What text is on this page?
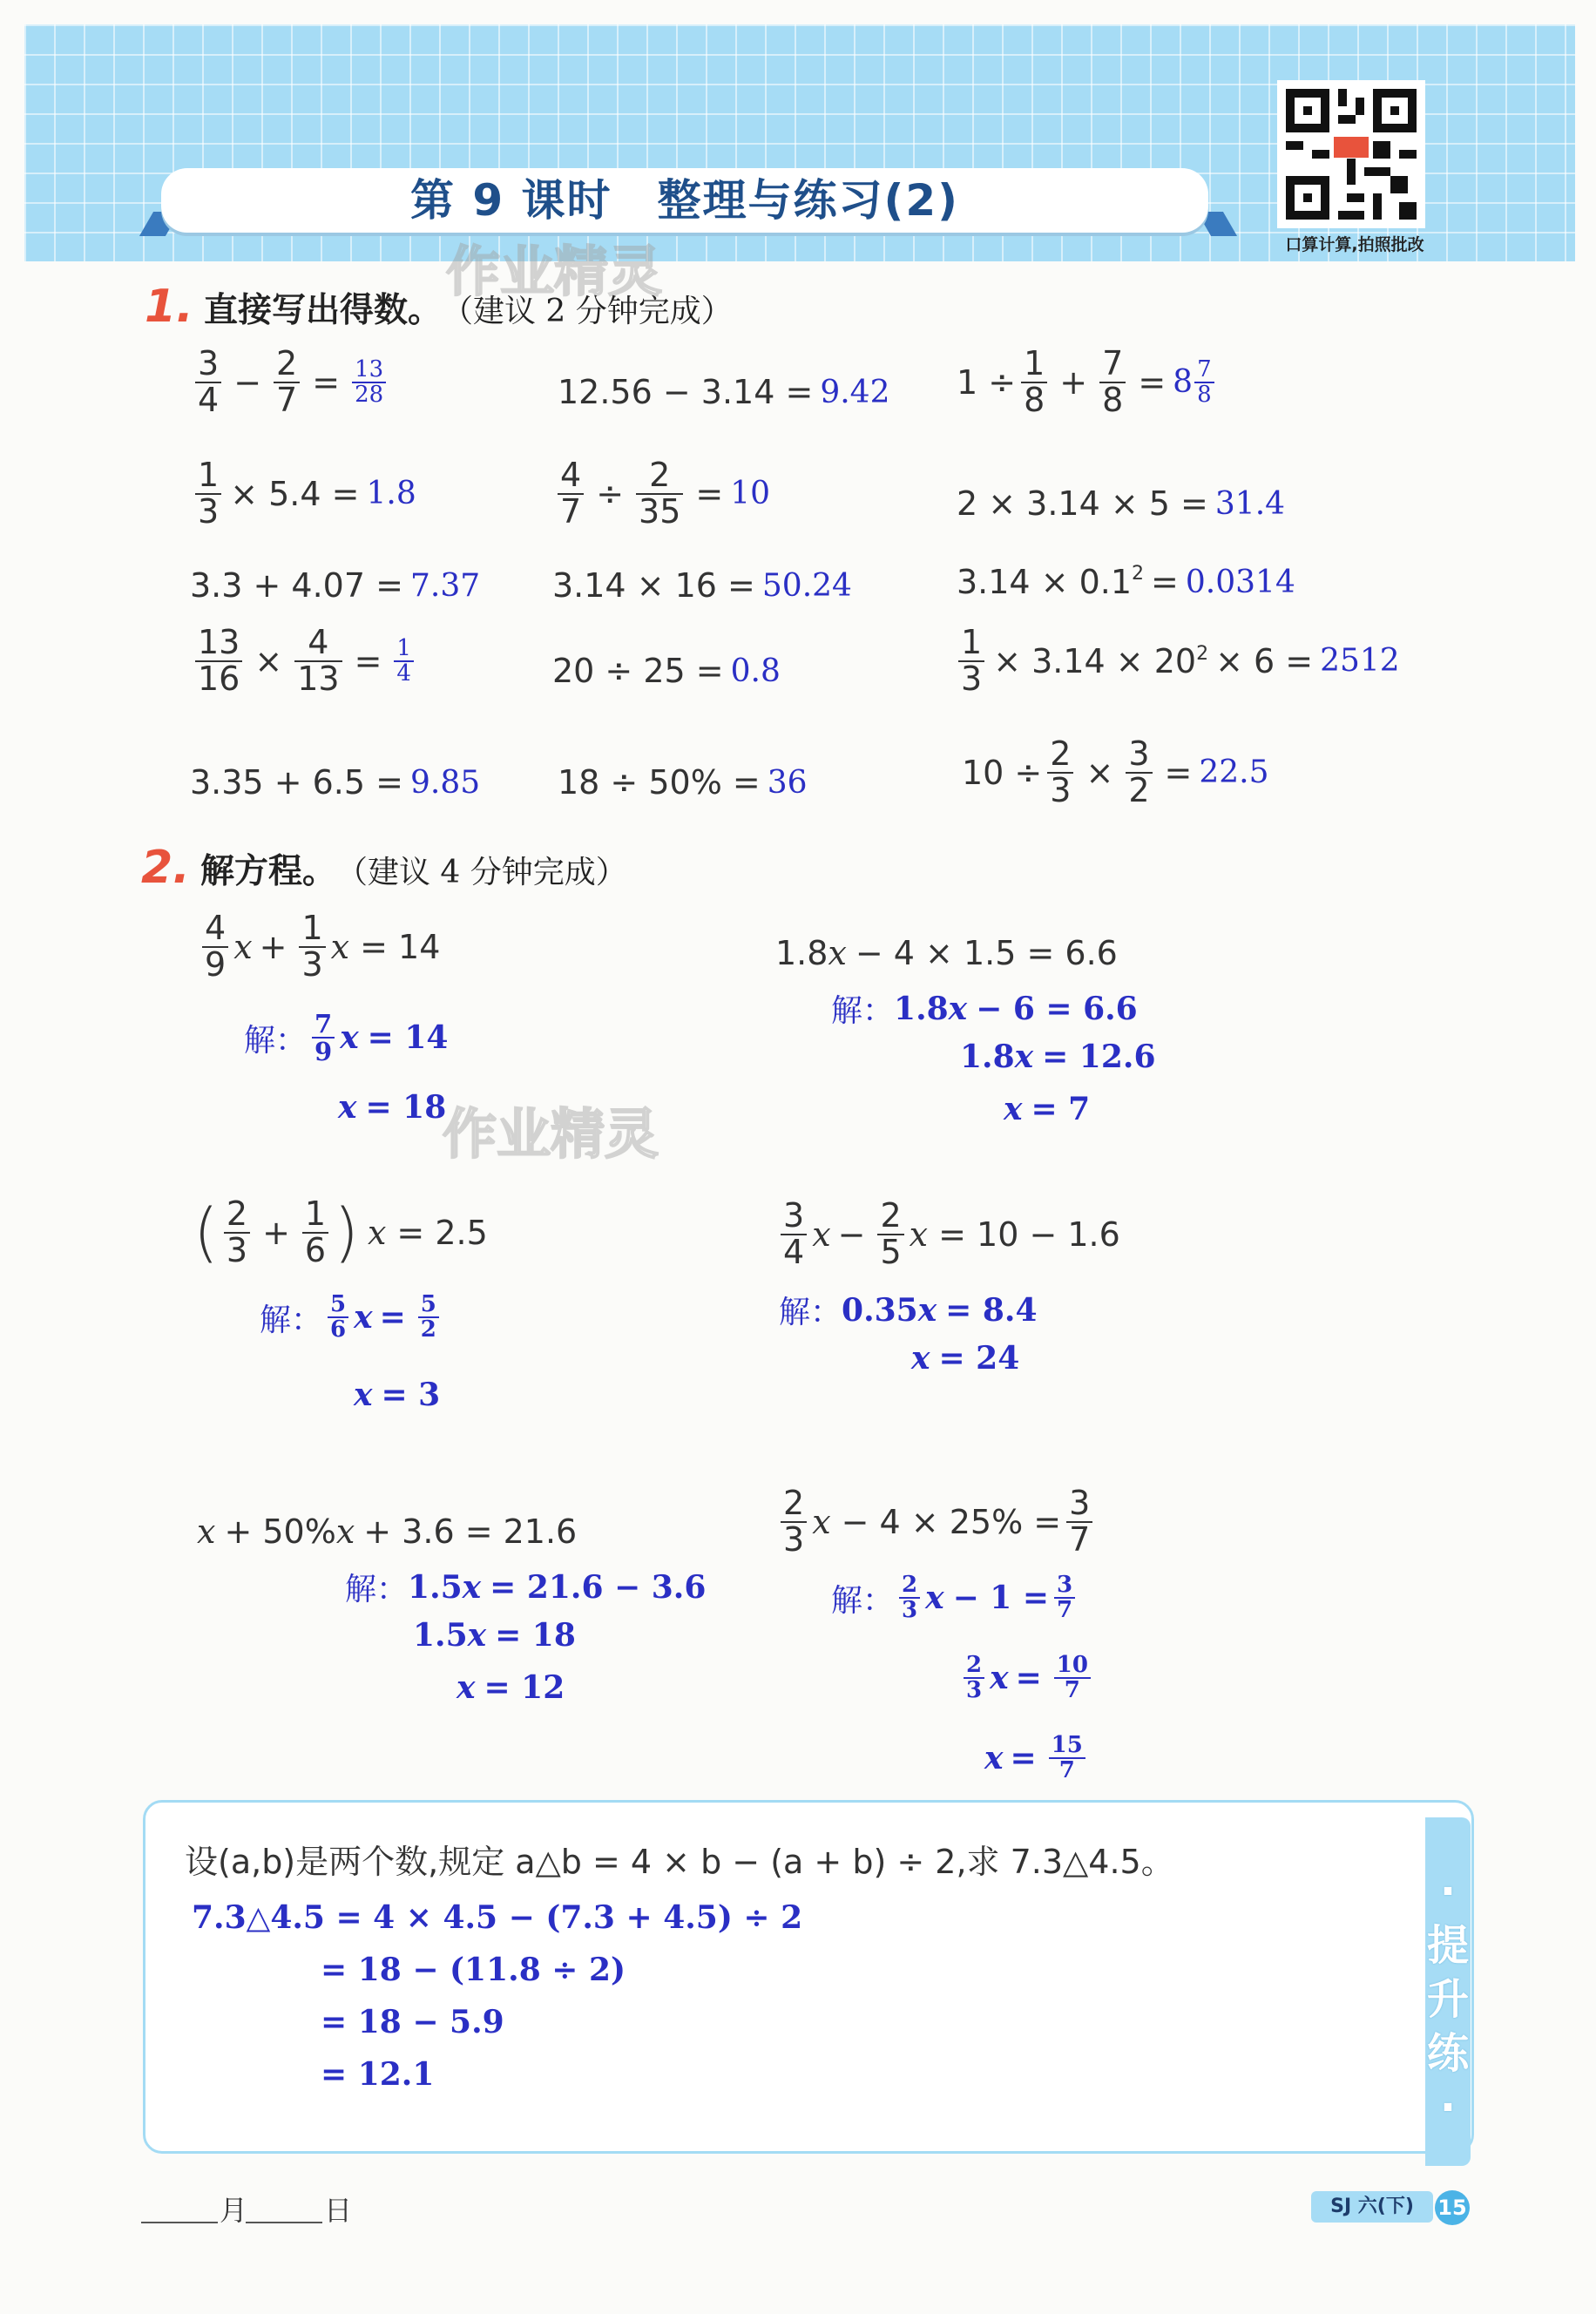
第 9 课时　整理与练习(2)
口算计算,拍照批改
作业精灵
作业精灵
1. 直接写出得数。 （建议 2 分钟完成）
$\frac{3}{4} - \frac{2}{7} = \frac{13}{28}$	12.56 − 3.14 = 9.42 $1 \div \frac{1}{8} + \frac{7}{8} = 8 \frac{7}{8}$
$\frac{1}{3} \times 5.4 = 1.8$	$\frac{4}{7} \div \frac{2}{35} = 10$	2 × 3.14 × 5 = 31.4
3.3 + 4.07 = 7.37 3.14 × 16 = 50.24	$3.14 \times 0.1^2 = 0.0314$
$\frac{13}{16} \times \frac{4}{13} = \frac{1}{4}$	20 ÷ 25 = 0.8	$\frac{1}{3} \times 3.14 \times 20^2 \times 6 = 2512$
3.35 + 6.5 = 9.85 18 ÷ 50% = 36	$10 \div \frac{2}{3} \times \frac{3}{2} = 22.5$
2. 解方程。 （建议 4 分钟完成）
$\frac{4}{9}$ $x + \frac{1}{3}$ x = 14
解： $\frac{7}{9}$ x = 14
x = 18
1.8 x − 4 × 1.5 = 6.6
解： 1.8 x − 6 = 6.6
1.8 x = 12.6
x = 7
( $\frac{2}{3} + \frac{1}{6}$ ) x = 2.5
解： $\frac{5}{6}$ $x = \frac{5}{2}$
x = 3
$\frac{3}{4}$ $x - \frac{2}{5}$ x = 10 − 1.6
解： 0.35 x = 8.4
x = 24
x + 50% x + 3.6 = 21.6
解： 1.5 x = 21.6 − 3.6
1.5 x = 18
x = 12
$\frac{2}{3}$ $x - 4 \times 25\% = \frac{3}{7}$
解： $\frac{2}{3}$ $x - 1 = \frac{3}{7}$
$\frac{2}{3}$ $x = \frac{10}{7}$
$x = \frac{15}{7}$
·
提
升
练
·
设(a,b)是两个数,规定 a△b = 4 × b − (a + b) ÷ 2,求 7.3△4.5。
7.3△4.5 = 4 × 4.5 − (7.3 + 4.5) ÷ 2
= 18 − (11.8 ÷ 2)
= 18 − 5.9
= 12.1
月	日	SJ 六(下)	15
